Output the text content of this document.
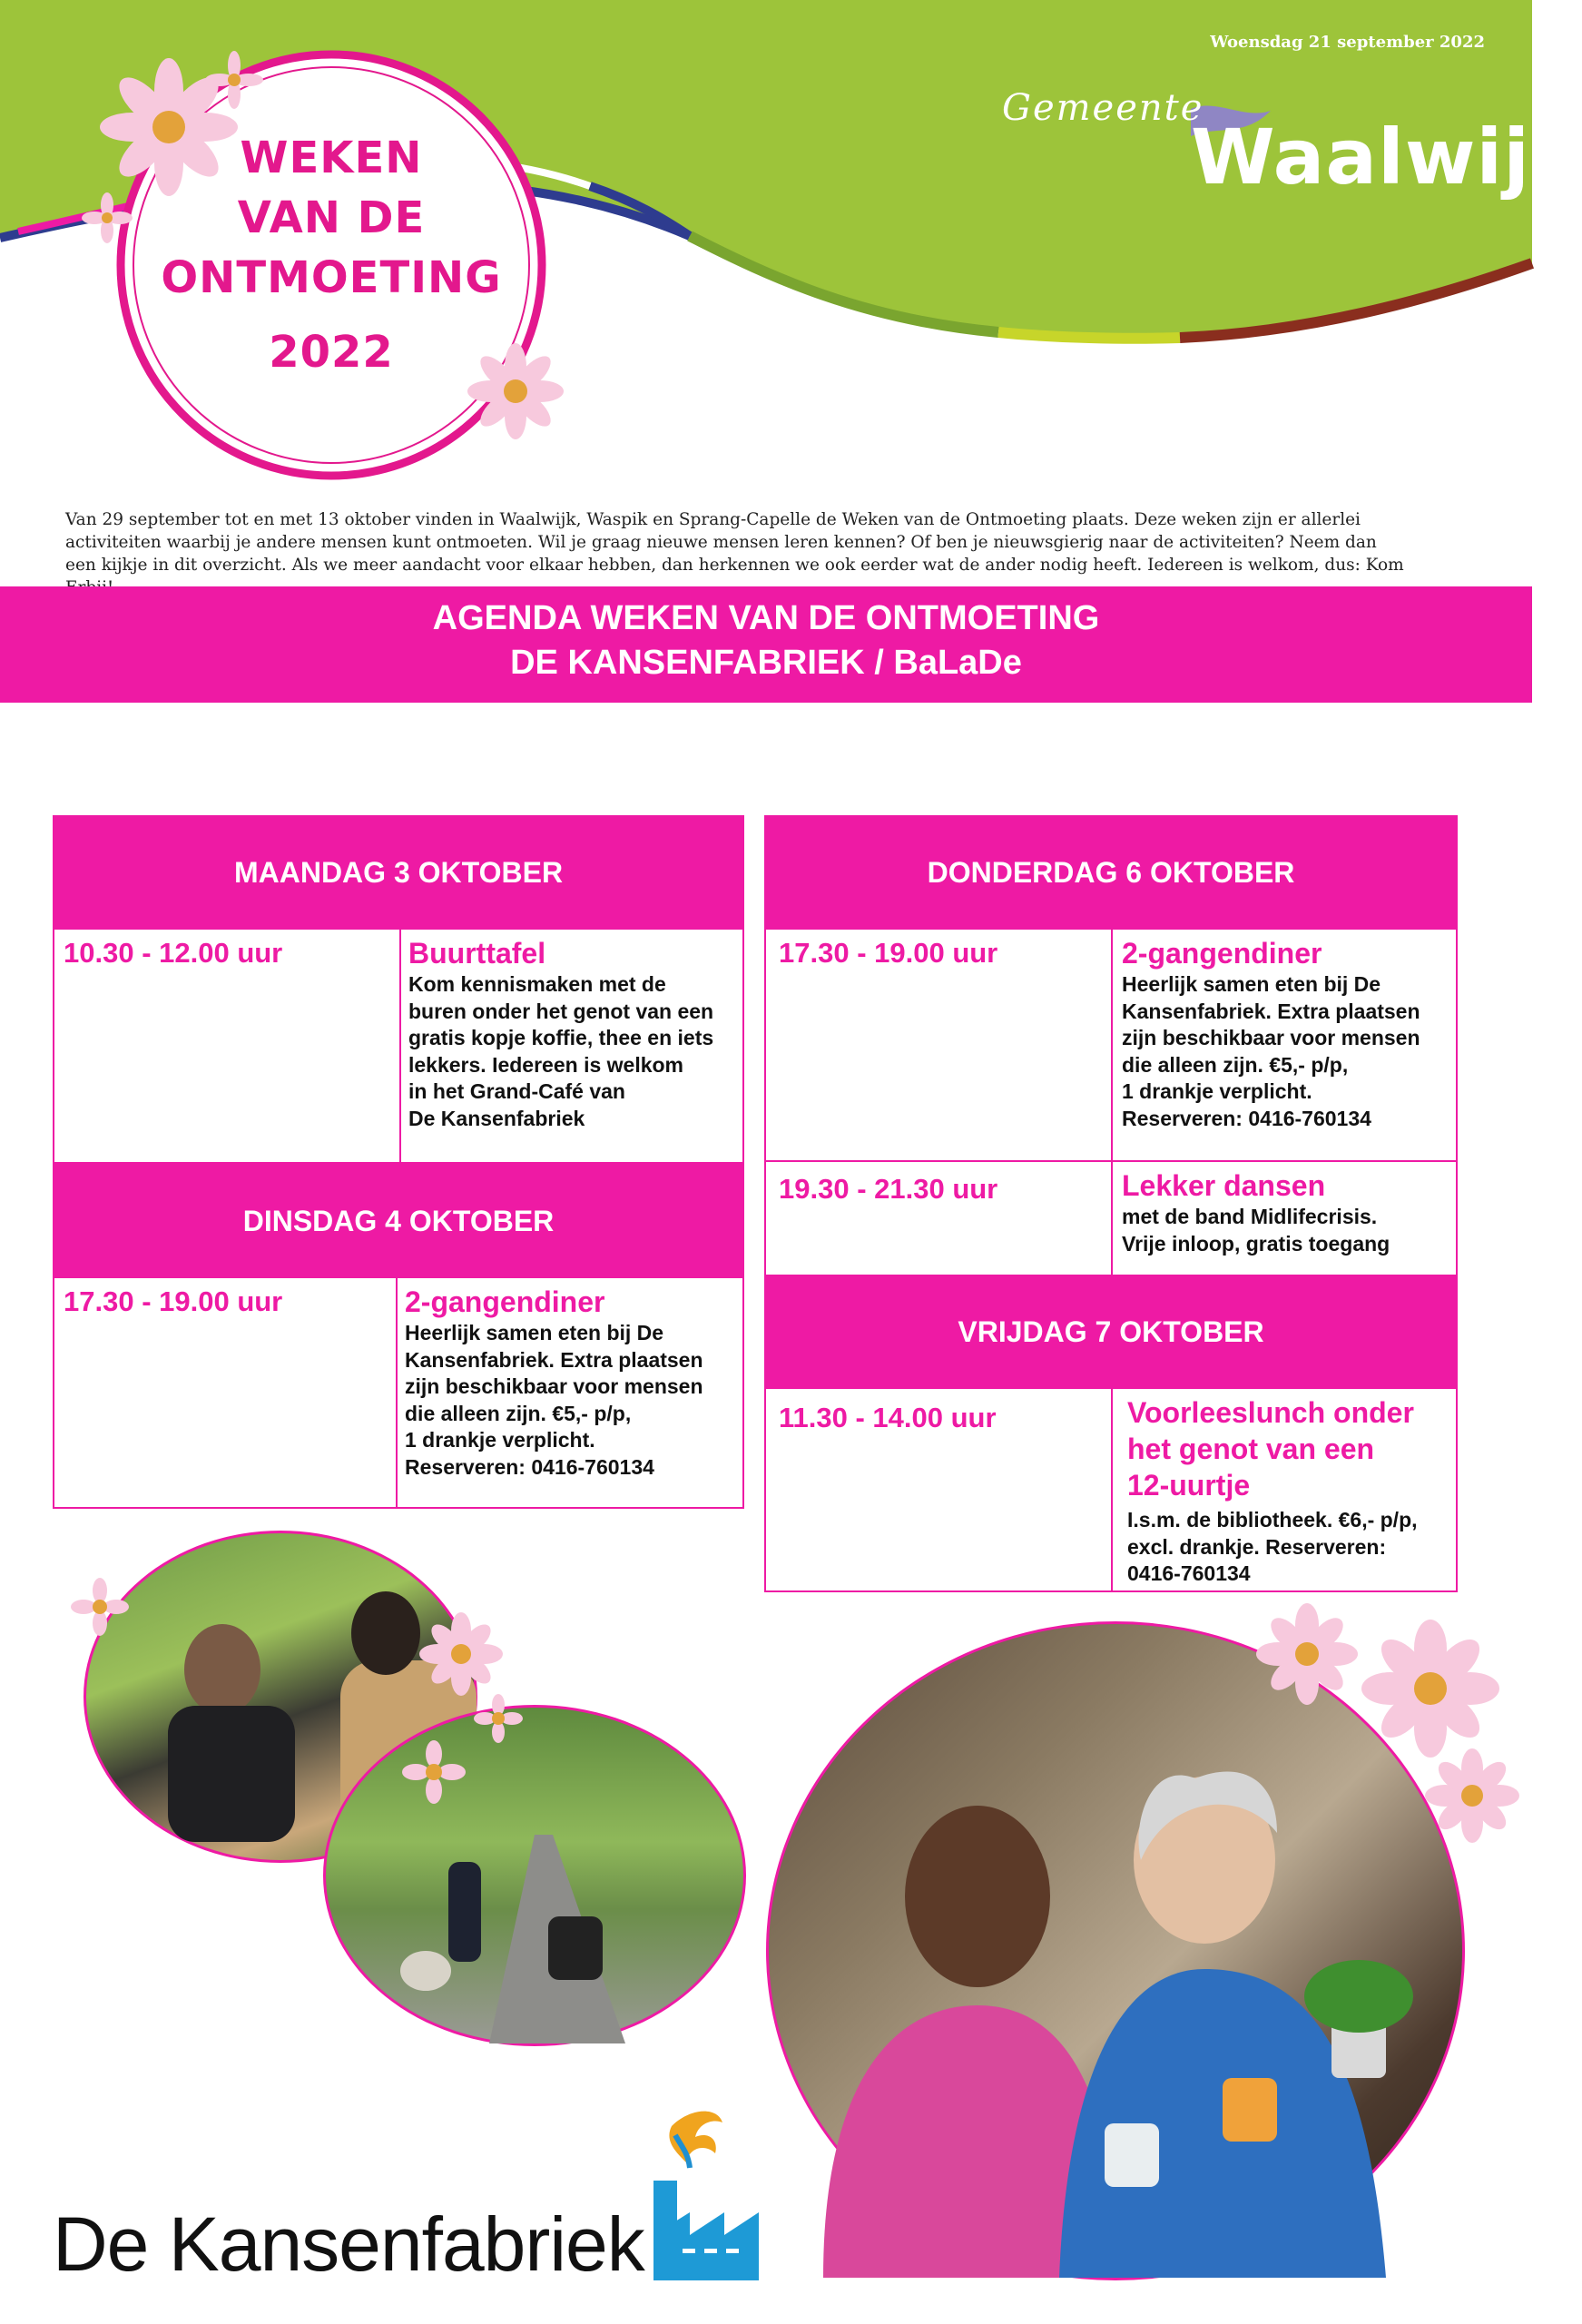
Woensdag 21 september 2022
Gemeente
Waalwijk
WEKEN
VAN DE
ONTMOETING
2022
Van 29 september tot en met 13 oktober vinden in Waalwijk, Waspik en Sprang-Capelle de Weken van de Ontmoeting plaats. Deze weken zijn er allerlei activiteiten waarbij je andere mensen kunt ontmoeten. Wil je graag nieuwe mensen leren kennen? Of ben je nieuwsgierig naar de activiteiten? Neem dan een kijkje in dit overzicht. Als we meer aandacht voor elkaar hebben, dan herkennen we ook eerder wat de ander nodig heeft. Iedereen is welkom, dus: Kom
AGENDA WEKEN VAN DE ONTMOETING
DE KANSENFABRIEK / BaLaDe
MAANDAG 3 OKTOBER
10.30 - 12.00 uur	Buurttafel
Kom kennismaken met de
buren onder het genot van een
gratis kopje koffie, thee en iets
lekkers. Iedereen is welkom
in het Grand-Café van
De Kansenfabriek
DINSDAG 4 OKTOBER
17.30 - 19.00 uur	2-gangendiner
Heerlijk samen eten bij De
Kansenfabriek. Extra plaatsen
zijn beschikbaar voor mensen
die alleen zijn. €5,- p/p,
1 drankje verplicht.
Reserveren: 0416-760134
DONDERDAG 6 OKTOBER
17.30 - 19.00 uur	2-gangendiner
Heerlijk samen eten bij De
Kansenfabriek. Extra plaatsen
zijn beschikbaar voor mensen
die alleen zijn. €5,- p/p,
1 drankje verplicht.
Reserveren: 0416-760134
19.30 - 21.30 uur	Lekker dansen
met de band Midlifecrisis.
Vrije inloop, gratis toegang
VRIJDAG 7 OKTOBER
11.30 - 14.00 uur	Voorleeslunch onder
het genot van een
12-uurtje
I.s.m. de bibliotheek. €6,- p/p,
excl. drankje. Reserveren:
0416-760134
De Kansenfabriek
